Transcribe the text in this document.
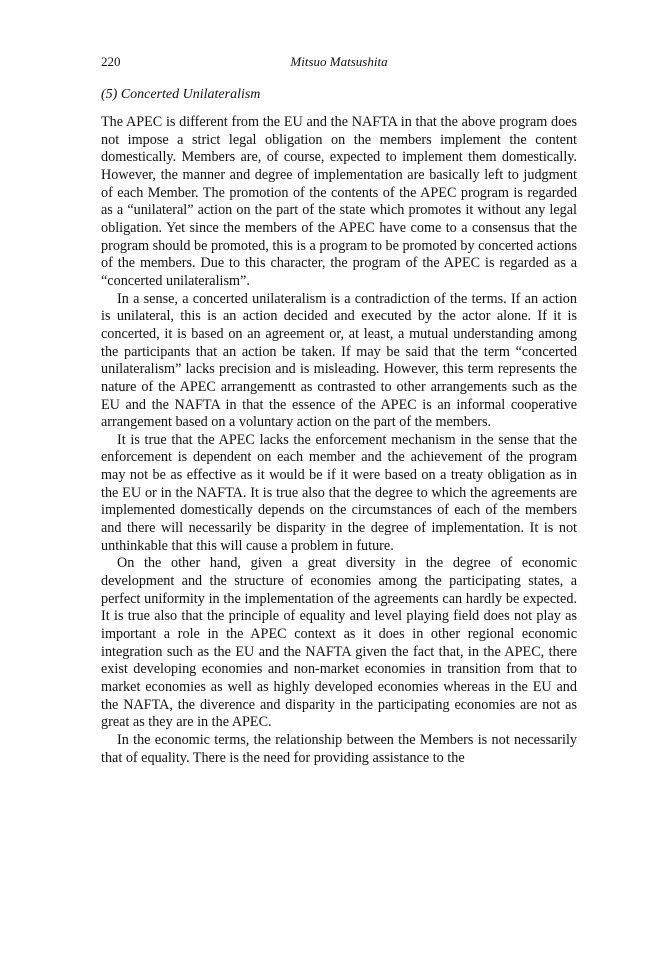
220	Mitsuo Matsushita
(5) Concerted Unilateralism

The APEC is different from the EU and the NAFTA in that the above program does not impose a strict legal obligation on the members implement the content domestically. Members are, of course, expected to implement them domestically. However, the manner and degree of implementation are basically left to judgment of each Member. The promotion of the contents of the APEC program is regarded as a “unilateral” action on the part of the state which promotes it without any legal obligation. Yet since the members of the APEC have come to a consensus that the program should be promoted, this is a program to be promoted by concerted actions of the members. Due to this character, the program of the APEC is regarded as a “concerted unilateralism”.

In a sense, a concerted unilateralism is a contradiction of the terms. If an action is unilateral, this is an action decided and executed by the actor alone. If it is concerted, it is based on an agreement or, at least, a mutual understanding among the participants that an action be taken. If may be said that the term “concerted unilateralism” lacks precision and is misleading. However, this term represents the nature of the APEC arrangementt as contrasted to other arrangements such as the EU and the NAFTA in that the essence of the APEC is an informal cooperative arrangement based on a voluntary action on the part of the members.

It is true that the APEC lacks the enforcement mechanism in the sense that the enforcement is dependent on each member and the achievement of the program may not be as effective as it would be if it were based on a treaty obligation as in the EU or in the NAFTA. It is true also that the degree to which the agreements are implemented domestically depends on the circumstances of each of the members and there will necessarily be disparity in the degree of implementation. It is not unthinkable that this will cause a problem in future.

On the other hand, given a great diversity in the degree of economic development and the structure of economies among the participating states, a perfect uniformity in the implementation of the agreements can hardly be expected. It is true also that the principle of equality and level playing field does not play as important a role in the APEC context as it does in other regional economic integration such as the EU and the NAFTA given the fact that, in the APEC, there exist developing economies and non-market economies in transition from that to market economies as well as highly developed economies whereas in the EU and the NAFTA, the diverence and disparity in the participating economies are not as great as they are in the APEC.

In the economic terms, the relationship between the Members is not necessarily that of equality. There is the need for providing assistance to the
